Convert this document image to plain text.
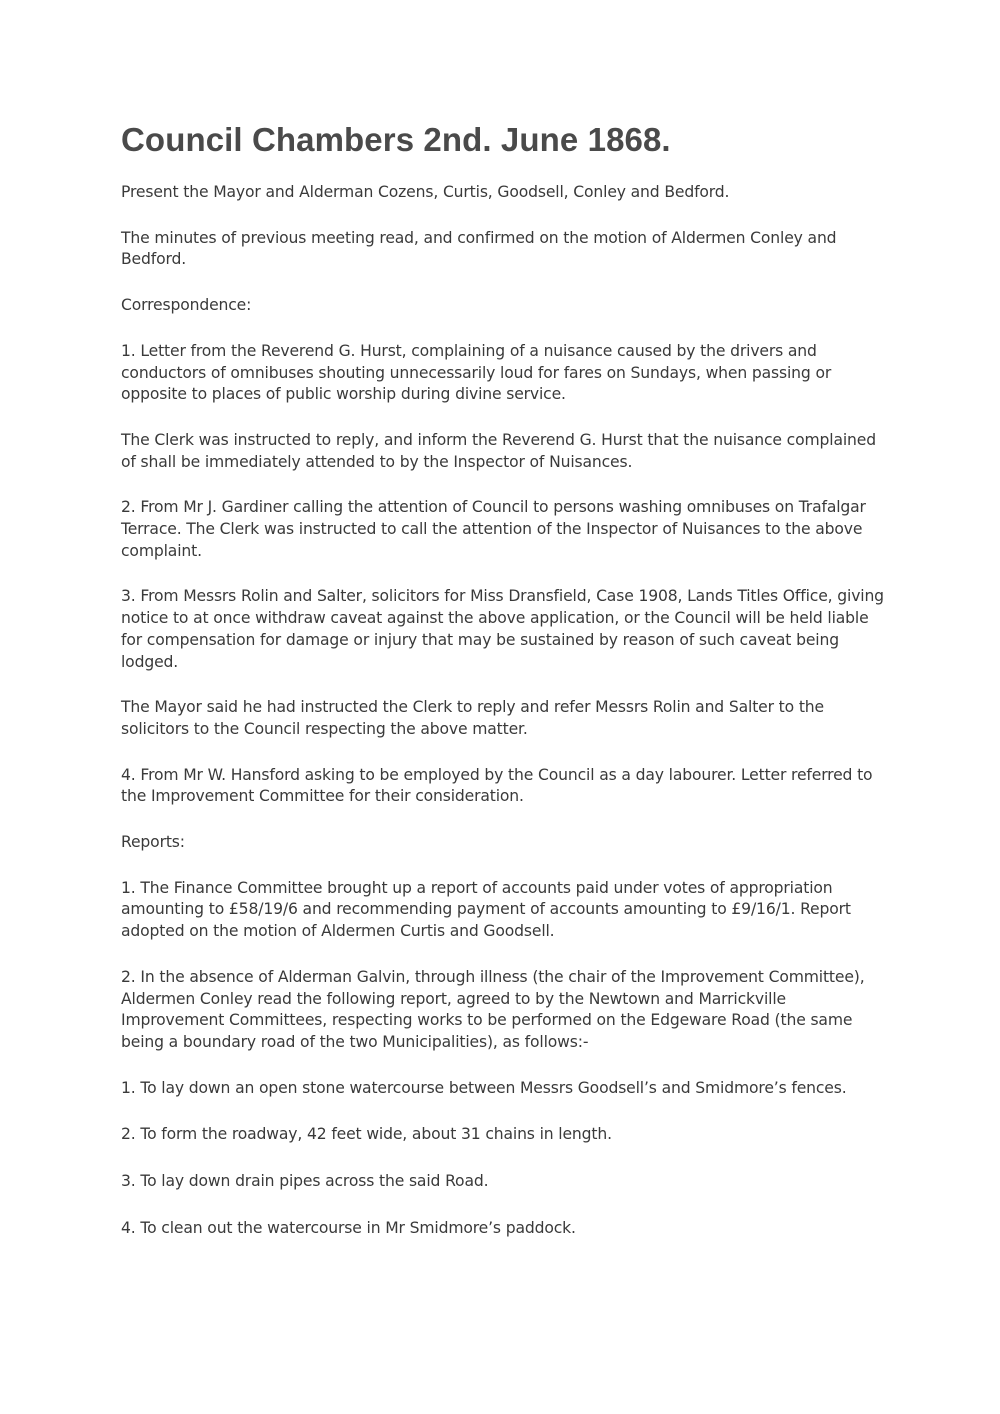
Council Chambers 2nd. June 1868.

Present the Mayor and Alderman Cozens, Curtis, Goodsell, Conley and Bedford.

The minutes of previous meeting read, and confirmed on the motion of Aldermen Conley and Bedford.

Correspondence:

1. Letter from the Reverend G. Hurst, complaining of a nuisance caused by the drivers and conductors of omnibuses shouting unnecessarily loud for fares on Sundays, when passing or opposite to places of public worship during divine service.

The Clerk was instructed to reply, and inform the Reverend G. Hurst that the nuisance complained of shall be immediately attended to by the Inspector of Nuisances.

2. From Mr J. Gardiner calling the attention of Council to persons washing omnibuses on Trafalgar Terrace. The Clerk was instructed to call the attention of the Inspector of Nuisances to the above complaint.

3. From Messrs Rolin and Salter, solicitors for Miss Dransfield, Case 1908, Lands Titles Office, giving notice to at once withdraw caveat against the above application, or the Council will be held liable for compensation for damage or injury that may be sustained by reason of such caveat being lodged.

The Mayor said he had instructed the Clerk to reply and refer Messrs Rolin and Salter to the solicitors to the Council respecting the above matter.

4. From Mr W. Hansford asking to be employed by the Council as a day labourer. Letter referred to the Improvement Committee for their consideration.

Reports:

1. The Finance Committee brought up a report of accounts paid under votes of appropriation amounting to £58/19/6 and recommending payment of accounts amounting to £9/16/1. Report adopted on the motion of Aldermen Curtis and Goodsell.

2. In the absence of Alderman Galvin, through illness (the chair of the Improvement Committee), Aldermen Conley read the following report, agreed to by the Newtown and Marrickville Improvement Committees, respecting works to be performed on the Edgeware Road (the same being a boundary road of the two Municipalities), as follows:-

1. To lay down an open stone watercourse between Messrs Goodsell’s and Smidmore’s fences.

2. To form the roadway, 42 feet wide, about 31 chains in length.

3. To lay down drain pipes across the said Road.

4. To clean out the watercourse in Mr Smidmore’s paddock.
